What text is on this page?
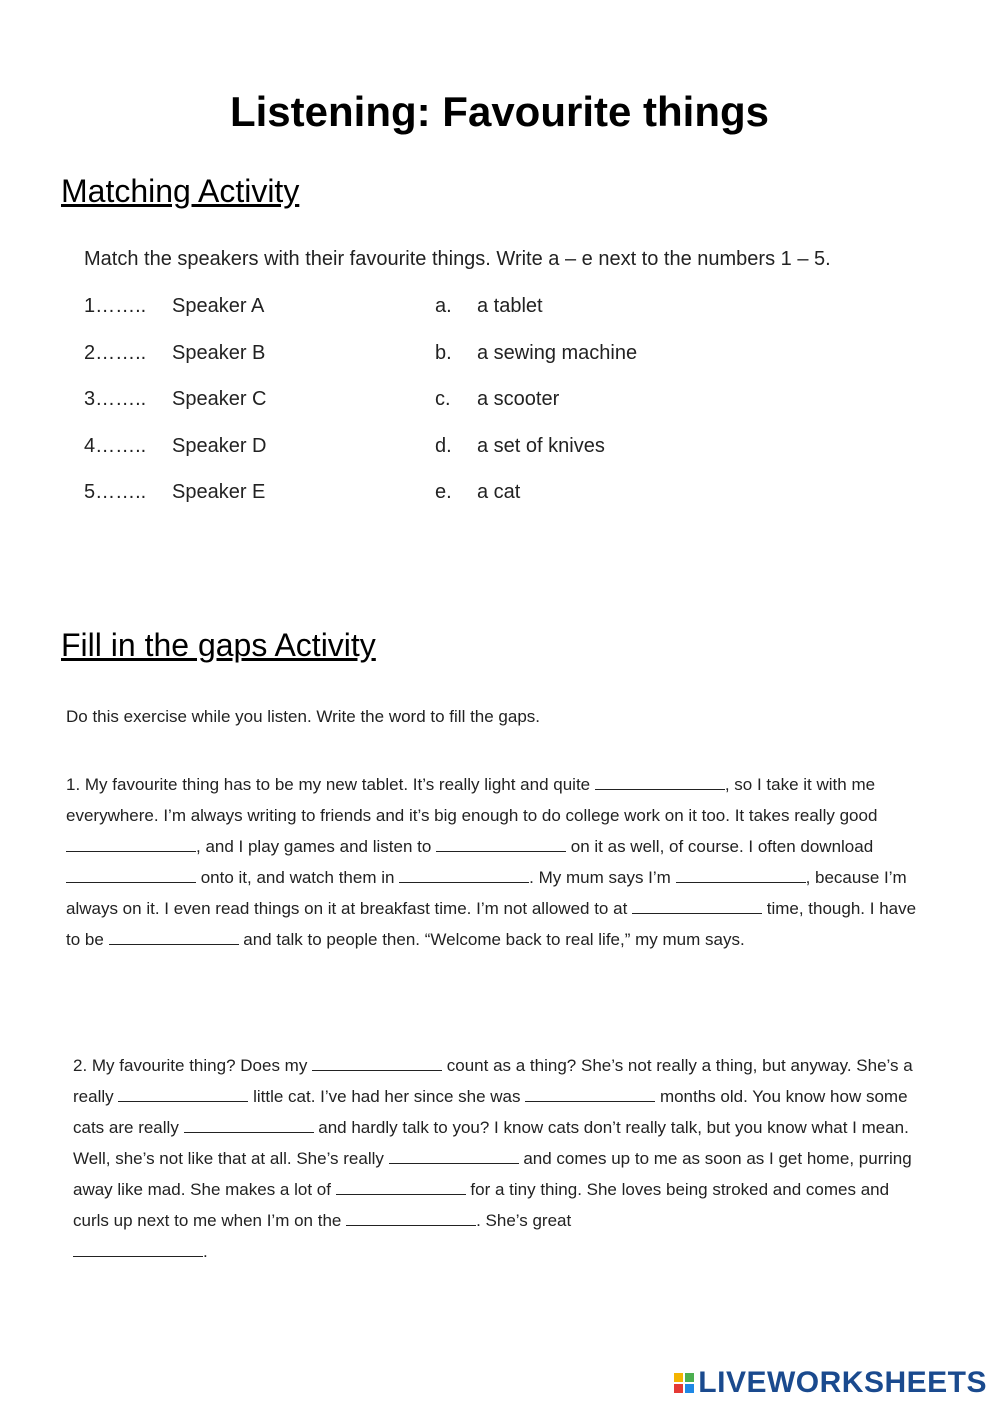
Listening: Favourite things
Matching Activity
Match the speakers with their favourite things. Write a – e next to the numbers 1 – 5.
1…….. Speaker A	a. a tablet
2…….. Speaker B	b. a sewing machine
3…….. Speaker C	c. a scooter
4…….. Speaker D	d. a set of knives
5…….. Speaker E	e. a cat
Fill in the gaps Activity
Do this exercise while you listen. Write the word to fill the gaps.

1. My favourite thing has to be my new tablet. It’s really light and quite	, so I take it with me everywhere. I’m always writing to friends and it’s big enough to do college work on it too. It takes really good , and I play games and listen to	on it as well, of course. I often download  onto it, and watch them in	. My mum says I’m	, because I’m always on it. I even read things on it at breakfast time. I’m not allowed to at	time, though. I have to be	and talk to people then. “Welcome back to real life,” my mum says.

2. My favourite thing? Does my	count as a thing? She’s not really a thing, but anyway. She’s a really	little cat. I’ve had her since she was	months old. You know how some cats are really	and hardly talk to you? I know cats don’t really talk, but you know what I mean. Well, she’s not like that at all. She’s really	and comes up to me as soon as I get home, purring away like mad. She makes a lot of	for a tiny thing. She loves being stroked and comes and curls up next to me when I’m on the	. She’s great
.

LIVEWORKSHEETS
